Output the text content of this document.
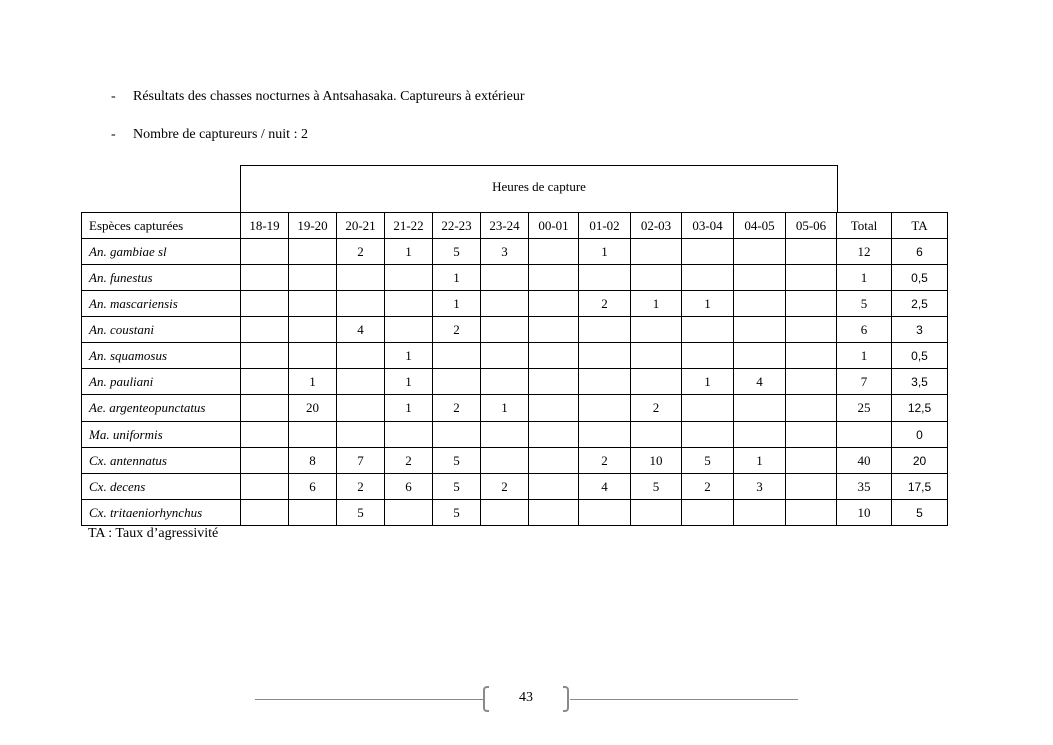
- Résultats des chasses nocturnes à Antsahasaka. Captureurs à extérieur
- Nombre de captureurs / nuit : 2
Heures de capture
Espèces capturées	18-19	19-20	20-21	21-22	22-23	23-24	00-01	01-02	02-03	03-04	04-05	05-06	Total	TA
An. gambiae sl			2	1	5	3		1					12	6
An. funestus					1								1	0,5
An. mascariensis					1			2	1	1			5	2,5
An. coustani			4		2								6	3
An. squamosus				1									1	0,5
An. pauliani		1		1						1	4		7	3,5
Ae. argenteopunctatus		20		1	2	1			2				25	12,5
Ma. uniformis														0
Cx. antennatus		8	7	2	5			2	10	5	1		40	20
Cx. decens		6	2	6	5	2		4	5	2	3		35	17,5
Cx. tritaeniorhynchus			5		5								10	5
TA : Taux d’agressivité
43
